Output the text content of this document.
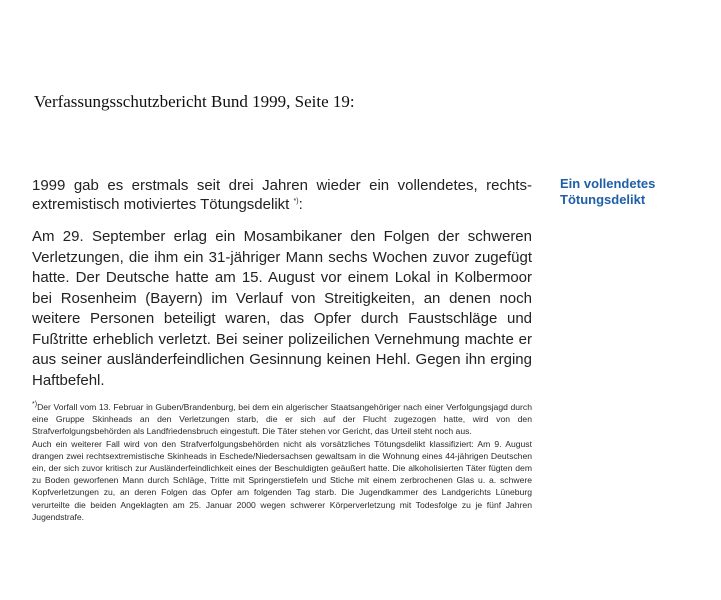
Verfassungsschutzbericht Bund 1999, Seite 19:

1999 gab es erstmals seit drei Jahren wieder ein vollendetes, rechtsextremistisch motiviertes Tötungsdelikt *):

Am 29. September erlag ein Mosambikaner den Folgen der schweren Verletzungen, die ihm ein 31-jähriger Mann sechs Wochen zuvor zugefügt hatte. Der Deutsche hatte am 15. August vor einem Lokal in Kolbermoor bei Rosenheim (Bayern) im Verlauf von Streitigkeiten, an denen noch weitere Personen beteiligt waren, das Opfer durch Faustschläge und Fußtritte erheblich verletzt. Bei seiner polizeilichen Vernehmung machte er aus seiner ausländerfeindlichen Gesinnung keinen Hehl. Gegen ihn erging Haftbefehl.

*)Der Vorfall vom 13. Februar in Guben/Brandenburg, bei dem ein algerischer Staatsangehöriger nach einer Verfolgungsjagd durch eine Gruppe Skinheads an den Verletzungen starb, die er sich auf der Flucht zugezogen hatte, wird von den Strafverfolgungsbehörden als Landfriedensbruch eingestuft. Die Täter stehen vor Gericht, das Urteil steht noch aus.

Auch ein weiterer Fall wird von den Strafverfolgungsbehörden nicht als vorsätzliches Tötungsdelikt klassifiziert: Am 9. August drangen zwei rechtsextremistische Skinheads in Eschede/Niedersachsen gewaltsam in die Wohnung eines 44-jährigen Deutschen ein, der sich zuvor kritisch zur Ausländerfeindlichkeit eines der Beschuldigten geäußert hatte. Die alkoholisierten Täter fügten dem zu Boden geworfenen Mann durch Schläge, Tritte mit Springerstiefeln und Stiche mit einem zerbrochenen Glas u. a. schwere Kopfverletzungen zu, an deren Folgen das Opfer am folgenden Tag starb. Die Jugendkammer des Landgerichts Lüneburg verurteilte die beiden Angeklagten am 25. Januar 2000 wegen schwerer Körperverletzung mit Todesfolge zu je fünf Jahren Jugendstrafe.

Ein vollendetes
Tötungsdelikt
